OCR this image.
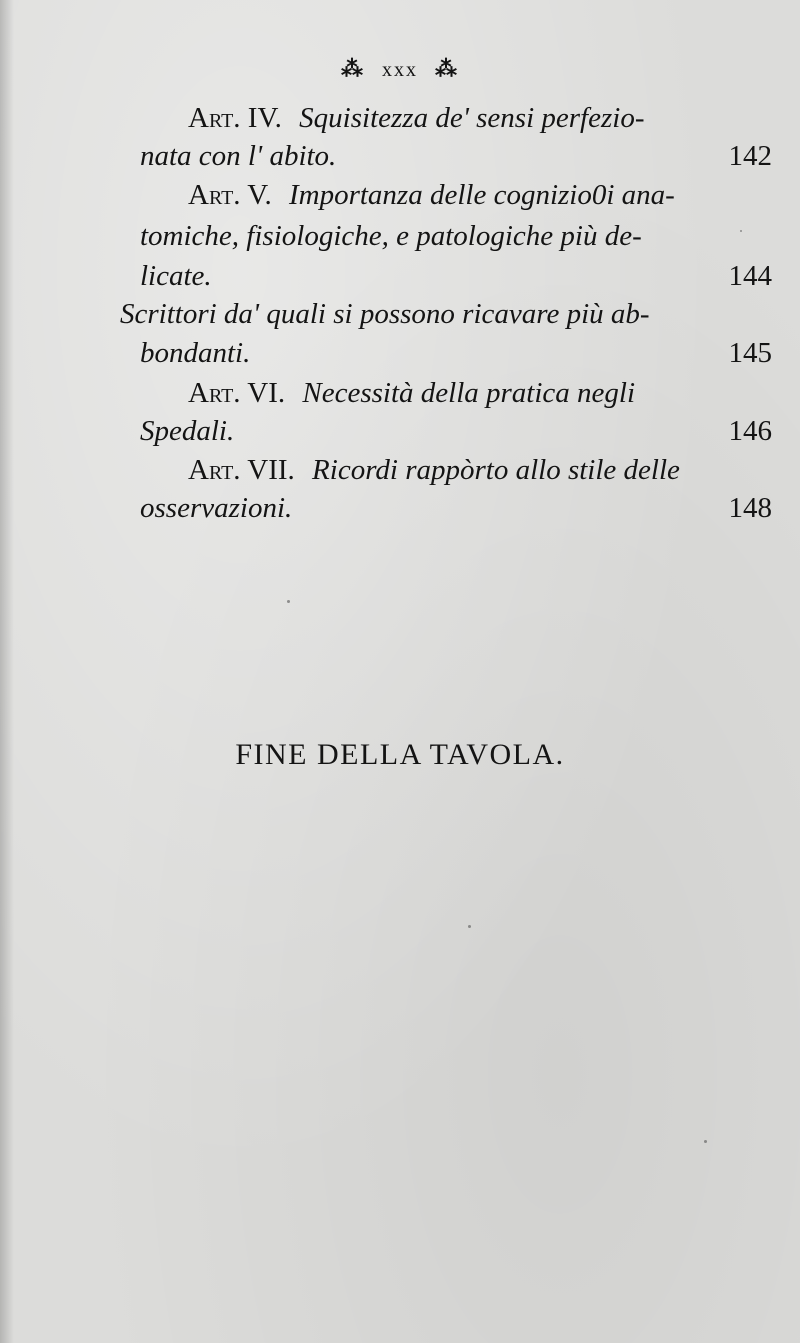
⁂ xxx ⁂
Art. IV. Squisitezza de' sensi perfezio-
nata con l' abito.	142
Art. V. Importanza delle cognizio0i ana-
tomiche, fisiologiche, e patologiche più de-
licate.	144
Scrittori da' quali si possono ricavare più ab-
bondanti.	145
Art. VI. Necessità della pratica negli
Spedali.	146
Art. VII. Ricordi rappòrto allo stile delle
osservazioni.	148
FINE DELLA TAVOLA.
